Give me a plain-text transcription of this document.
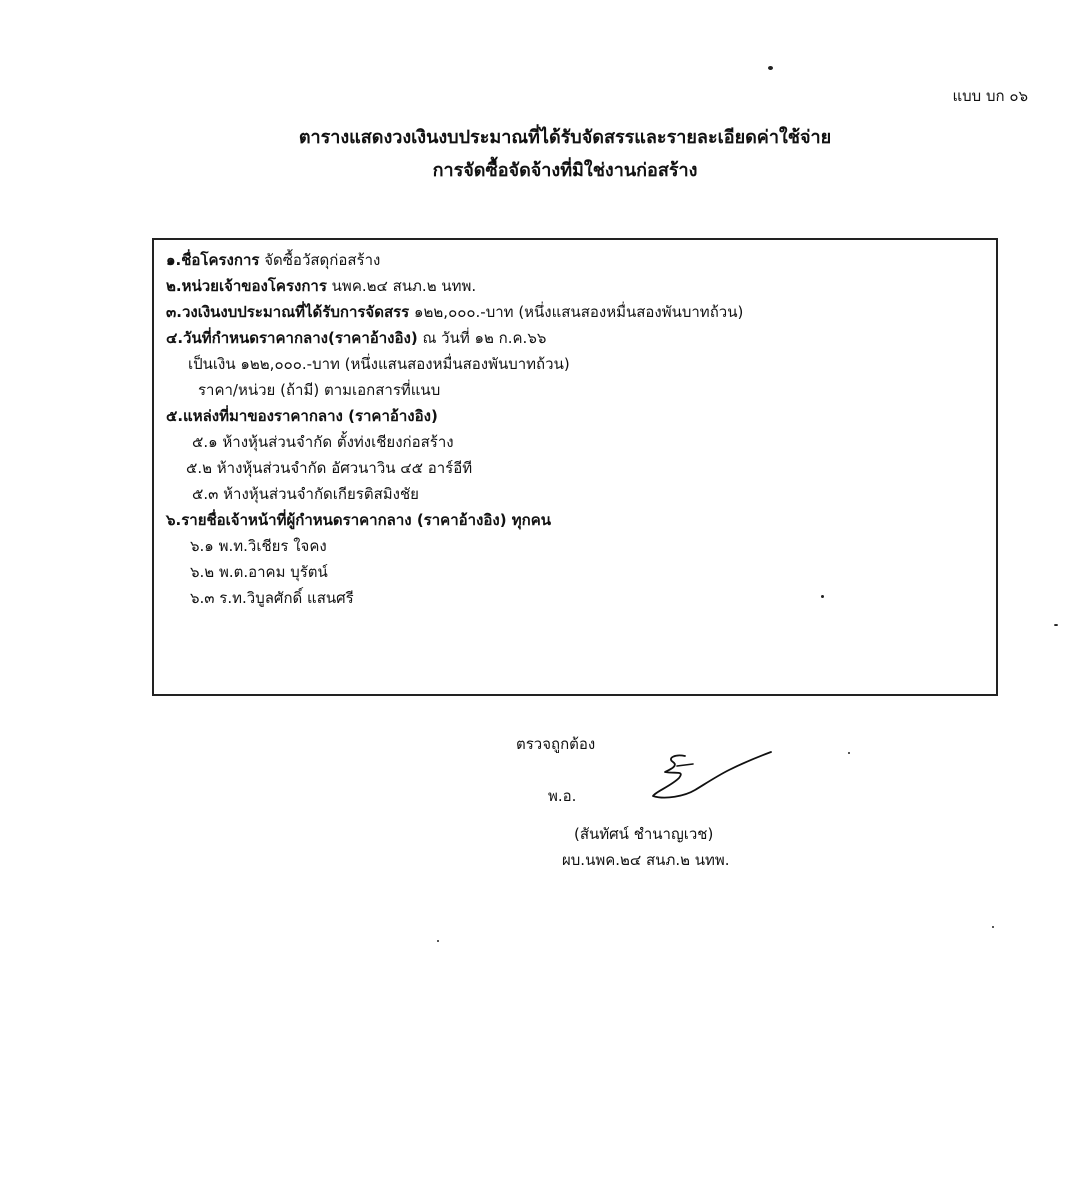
แบบ บก ๐๖
ตารางแสดงวงเงินงบประมาณที่ได้รับจัดสรรและรายละเอียดค่าใช้จ่าย
การจัดซื้อจัดจ้างที่มิใช่งานก่อสร้าง
๑.ชื่อโครงการ จัดซื้อวัสดุก่อสร้าง
๒.หน่วยเจ้าของโครงการ นพค.๒๔ สนภ.๒ นทพ.
๓.วงเงินงบประมาณที่ได้รับการจัดสรร ๑๒๒,๐๐๐.-บาท (หนึ่งแสนสองหมื่นสองพันบาทถ้วน)
๔.วันที่กำหนดราคากลาง(ราคาอ้างอิง) ณ วันที่ ๑๒ ก.ค.๖๖
เป็นเงิน ๑๒๒,๐๐๐.-บาท (หนึ่งแสนสองหมื่นสองพันบาทถ้วน)
ราคา/หน่วย (ถ้ามี) ตามเอกสารที่แนบ
๕.แหล่งที่มาของราคากลาง (ราคาอ้างอิง)
๕.๑ ห้างหุ้นส่วนจำกัด ตั้งท่งเชียงก่อสร้าง
๕.๒ ห้างหุ้นส่วนจำกัด อัศวนาวิน ๔๕ อาร์อีที
๕.๓ ห้างหุ้นส่วนจำกัดเกียรติสมิงชัย
๖.รายชื่อเจ้าหน้าที่ผู้กำหนดราคากลาง (ราคาอ้างอิง) ทุกคน
๖.๑ พ.ท.วิเชียร ใจคง
๖.๒ พ.ต.อาคม บุรัตน์
๖.๓ ร.ท.วิบูลศักดิ์ แสนศรี
ตรวจถูกต้อง
พ.อ.
(สันทัศน์ ชำนาญเวช)
ผบ.นพค.๒๔ สนภ.๒ นทพ.
